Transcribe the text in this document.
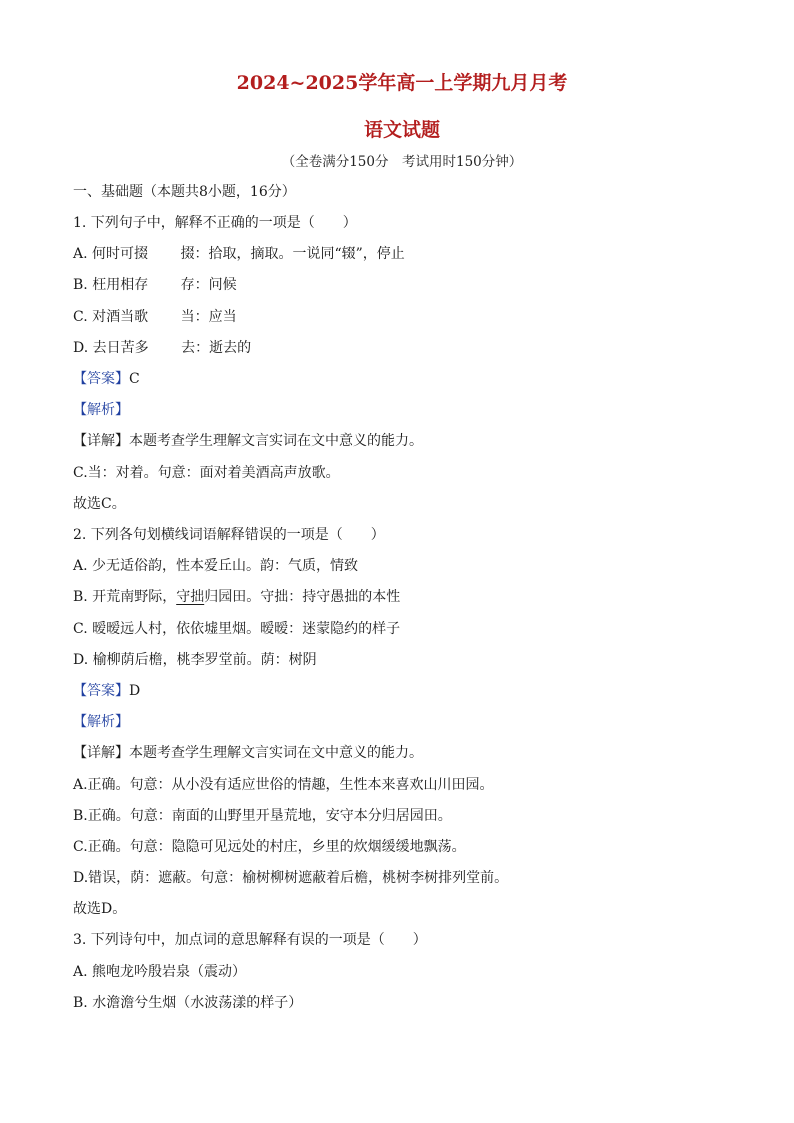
2024~2025学年高一上学期九月月考
语文试题
（全卷满分150分　考试用时150分钟）
一、基础题（本题共8小题，16分）
1. 下列句子中，解释不正确的一项是（　　）
A. 何时可掇　　 掇：拾取，摘取。一说同“辍”，停止
B. 枉用相存　　 存：问候
C. 对酒当歌　　 当：应当
D. 去日苦多　　 去：逝去的
【答案】C
【解析】
【详解】本题考查学生理解文言实词在文中意义的能力。
C.当：对着。句意：面对着美酒高声放歌。
故选C。
2. 下列各句划横线词语解释错误的一项是（　　）
A. 少无适俗韵，性本爱丘山。韵：气质，情致
B. 开荒南野际，守拙归园田。守拙：持守愚拙的本性
C. 暧暧远人村，依依墟里烟。暧暧：迷蒙隐约的样子
D. 榆柳荫后檐，桃李罗堂前。荫：树阴
【答案】D
【解析】
【详解】本题考查学生理解文言实词在文中意义的能力。
A.正确。句意：从小没有适应世俗的情趣，生性本来喜欢山川田园。
B.正确。句意：南面的山野里开垦荒地，安守本分归居园田。
C.正确。句意：隐隐可见远处的村庄，乡里的炊烟缓缓地飘荡。
D.错误，荫：遮蔽。句意：榆树柳树遮蔽着后檐，桃树李树排列堂前。
故选D。
3. 下列诗句中，加点词的意思解释有误的一项是（　　）
A. 熊咆龙吟殷岩泉（震动）
B. 水澹澹兮生烟（水波荡漾的样子）
